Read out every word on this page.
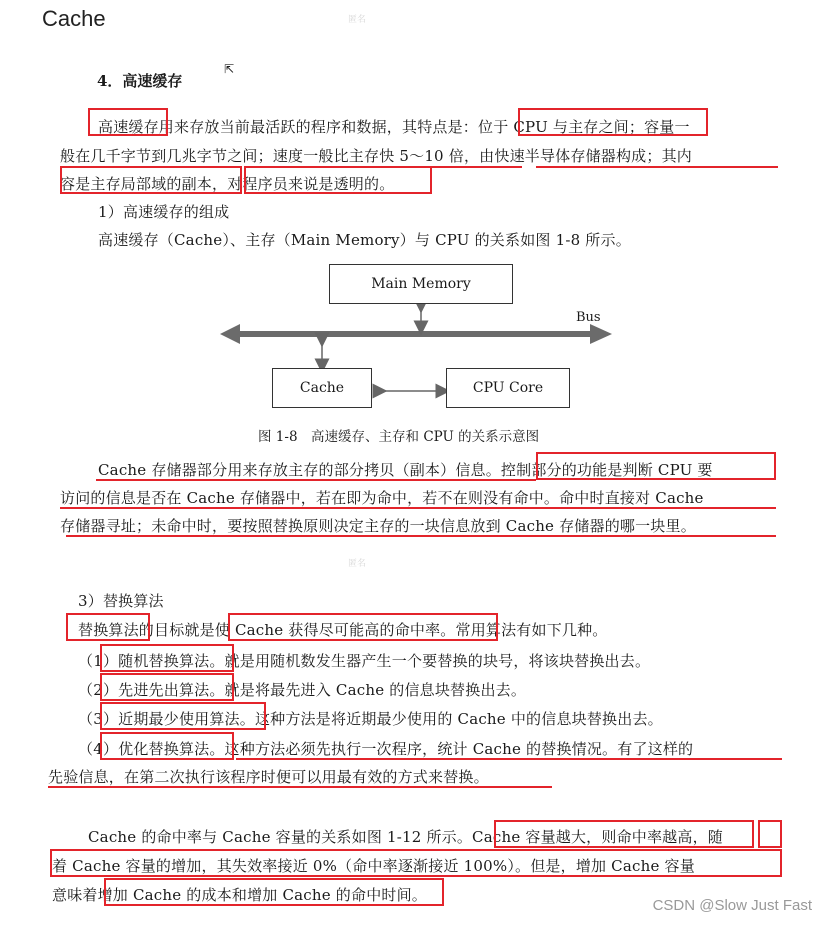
Cache	匿名
匿名
⇱
4．高速缓存
高速缓存用来存放当前最活跃的程序和数据，其特点是：位于 CPU 与主存之间；容量一
般在几千字节到几兆字节之间；速度一般比主存快 5～10 倍，由快速半导体存储器构成；其内
容是主存局部域的副本，对程序员来说是透明的。
1）高速缓存的组成
高速缓存（Cache）、主存（Main Memory）与 CPU 的关系如图 1-8 所示。
Main Memory
Bus
Cache	CPU Core
图 1-8　高速缓存、主存和 CPU 的关系示意图
Cache 存储器部分用来存放主存的部分拷贝（副本）信息。控制部分的功能是判断 CPU 要
访问的信息是否在 Cache 存储器中，若在即为命中，若不在则没有命中。命中时直接对 Cache
存储器寻址；未命中时，要按照替换原则决定主存的一块信息放到 Cache 存储器的哪一块里。
3）替换算法
替换算法的目标就是使 Cache 获得尽可能高的命中率。常用算法有如下几种。
（1）随机替换算法。就是用随机数发生器产生一个要替换的块号，将该块替换出去。
（2）先进先出算法。就是将最先进入 Cache 的信息块替换出去。
（3）近期最少使用算法。这种方法是将近期最少使用的 Cache 中的信息块替换出去。
（4）优化替换算法。这种方法必须先执行一次程序，统计 Cache 的替换情况。有了这样的
先验信息，在第二次执行该程序时便可以用最有效的方式来替换。
Cache 的命中率与 Cache 容量的关系如图 1-12 所示。Cache 容量越大，则命中率越高，随
着 Cache 容量的增加，其失效率接近 0%（命中率逐渐接近 100%）。但是，增加 Cache 容量
意味着增加 Cache 的成本和增加 Cache 的命中时间。
CSDN @Slow Just Fast
